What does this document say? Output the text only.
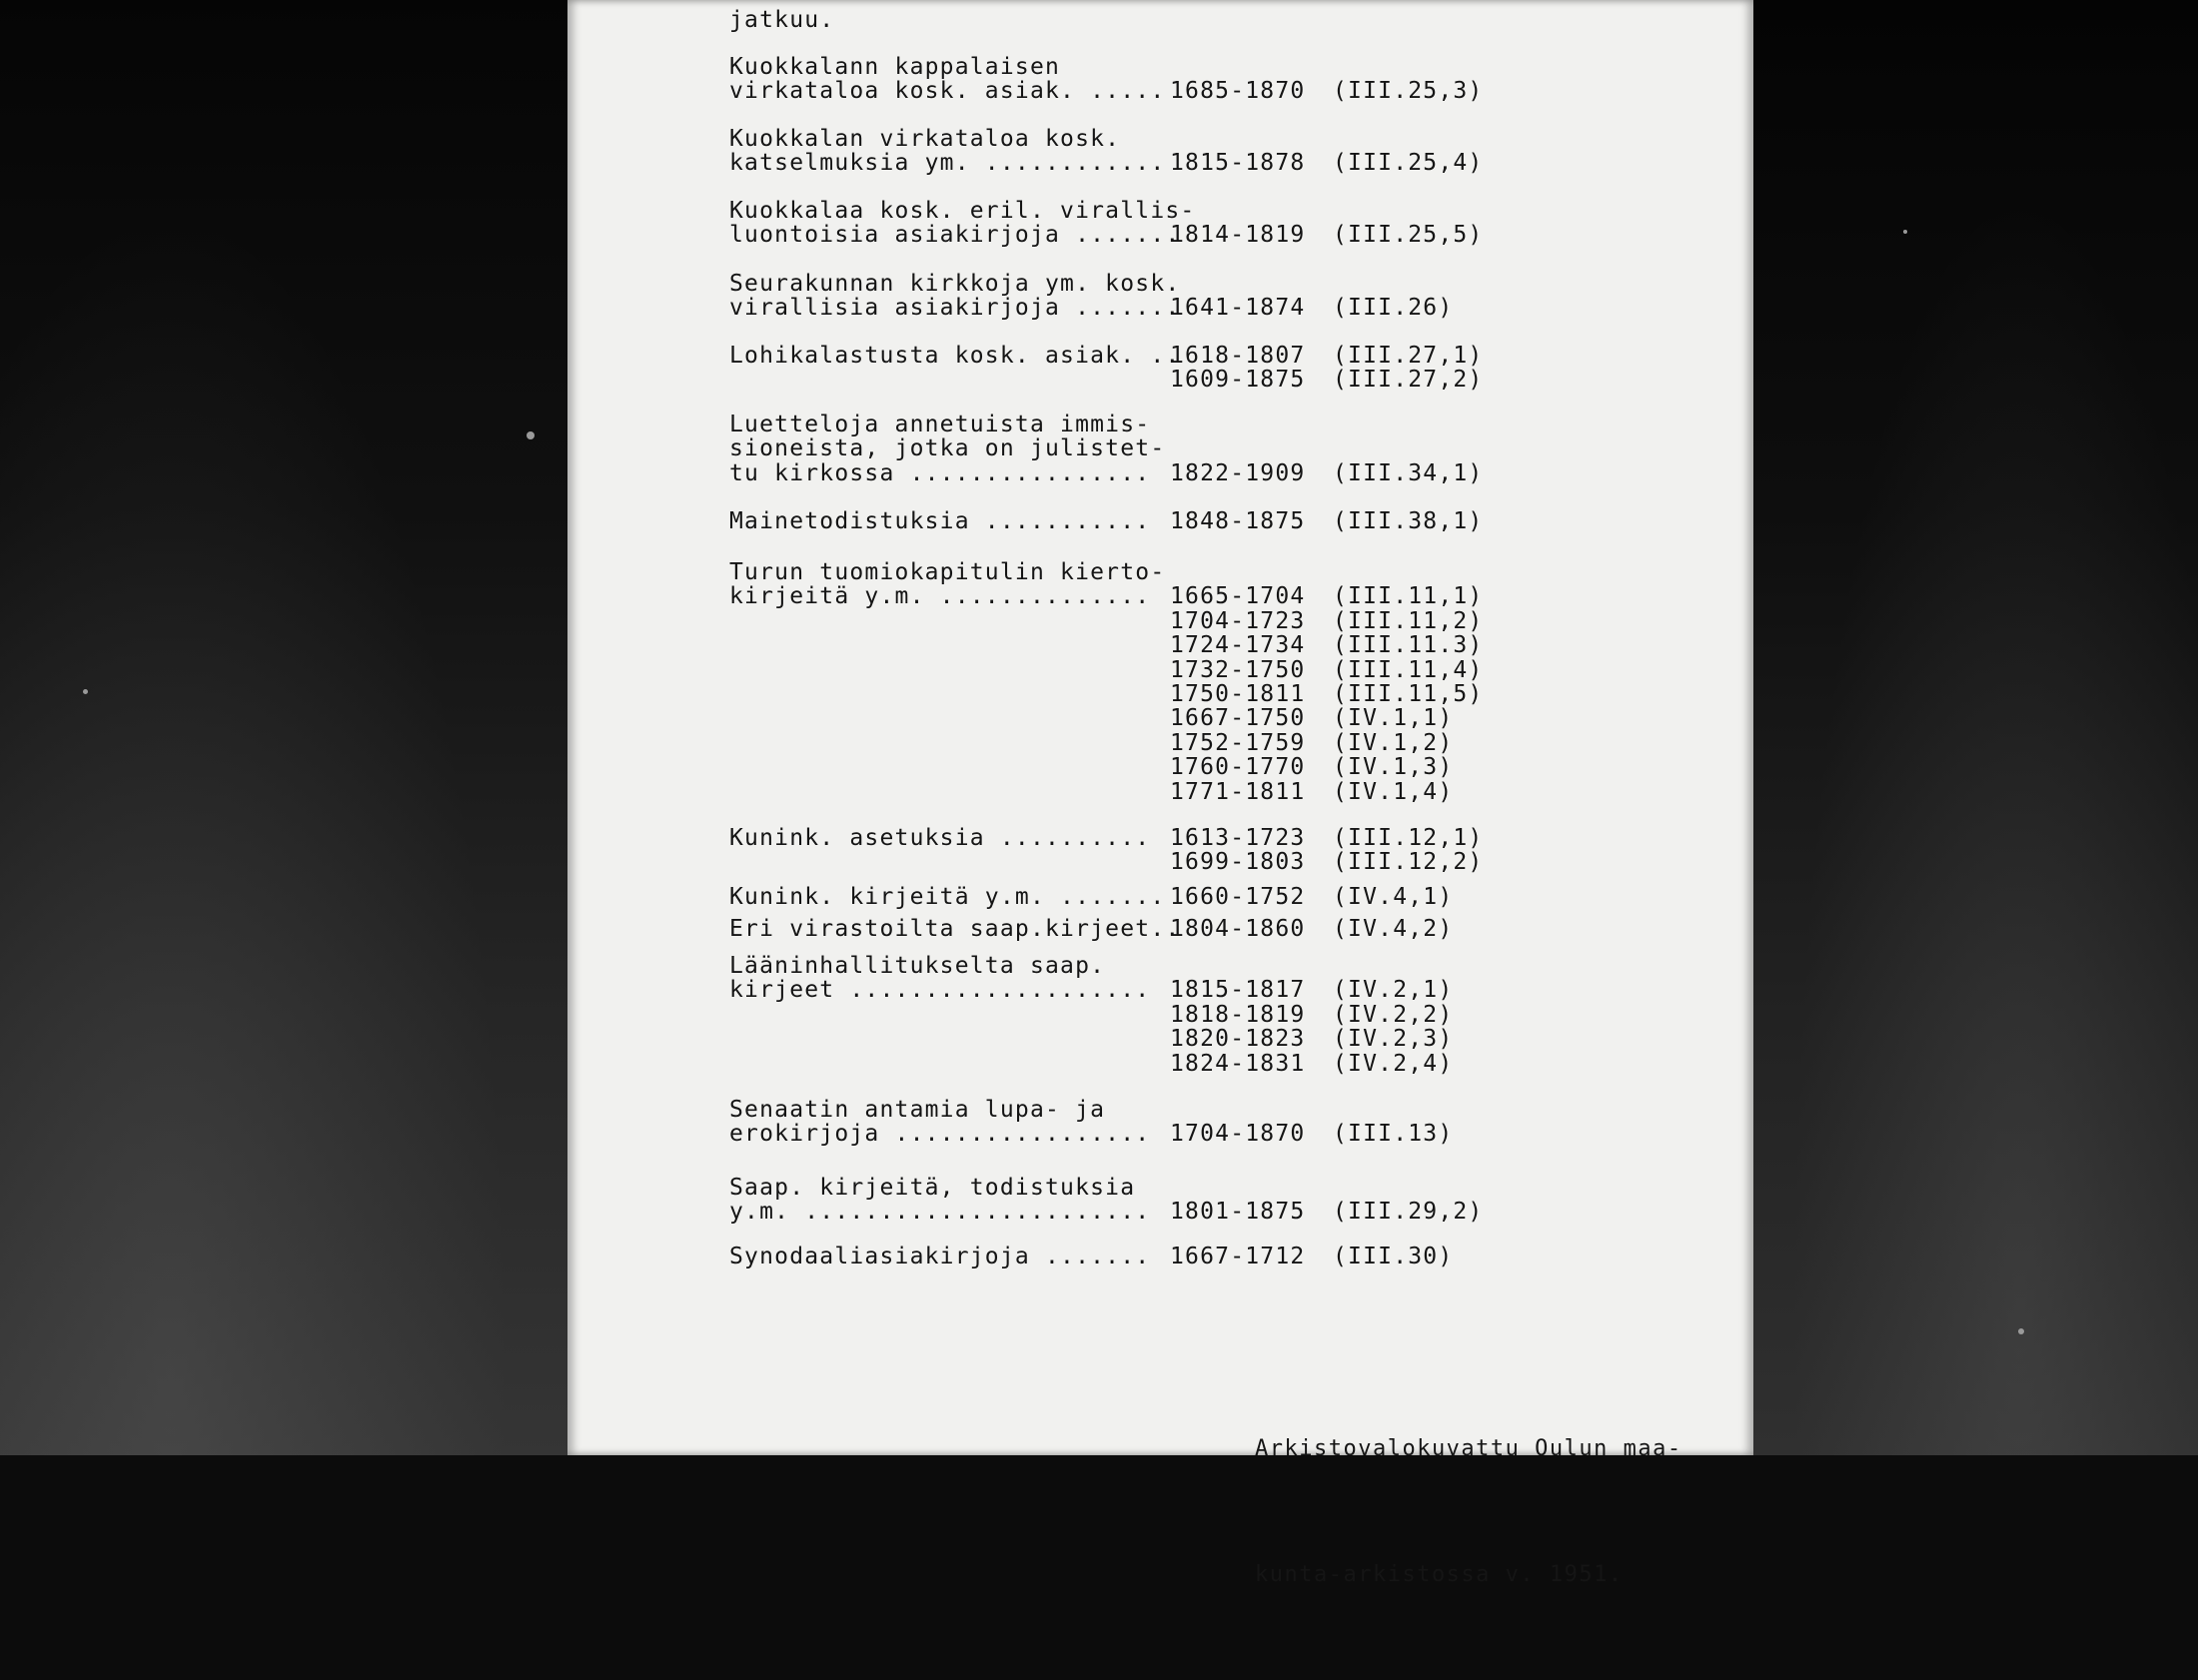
jatkuu.
Kuokkalann kappalaisen
virkataloa kosk. asiak. ..... 1685-1870 (III.25,3)
Kuokkalan virkataloa kosk.
katselmuksia ym. ............ 1815-1878 (III.25,4)
Kuokkalaa kosk. eril. virallis-
luontoisia asiakirjoja .......
1814-1819 (III.25,5)
Seurakunnan kirkkoja ym. kosk.
virallisia asiakirjoja .......
1641-1874 (III.26)
Lohikalastusta kosk. asiak. ..
1618-1807 (III.27,1)
1609-1875 (III.27,2)
Luetteloja annetuista immis-
sioneista, jotka on julistet-
tu kirkossa ................ 1822-1909 (III.34,1)
Mainetodistuksia ........... 1848-1875 (III.38,1)
Turun tuomiokapitulin kierto-
kirjeitä y.m. .............. 1665-1704 (III.11,1)
1704-1723 (III.11,2)
1724-1734 (III.11.3)
1732-1750 (III.11,4)
1750-1811 (III.11,5)
1667-1750 (IV.1,1)
1752-1759 (IV.1,2)
1760-1770 (IV.1,3)
1771-1811 (IV.1,4)
Kunink. asetuksia .......... 1613-1723 (III.12,1)
1699-1803 (III.12,2)
Kunink. kirjeitä y.m. ....... 1660-1752 (IV.4,1)
Eri virastoilta saap.kirjeet..
1804-1860 (IV.4,2)
Lääninhallitukselta saap.
kirjeet .................... 1815-1817 (IV.2,1)
1818-1819 (IV.2,2)
1820-1823 (IV.2,3)
1824-1831 (IV.2,4)
Senaatin antamia lupa- ja
erokirjoja ................. 1704-1870 (III.13)
Saap. kirjeitä, todistuksia
y.m. ....................... 1801-1875 (III.29,2)
Synodaaliasiakirjoja ....... 1667-1712 (III.30)

Arkistovalokuvattu Oulun maa-

kunta-arkistossa v. 1951.
